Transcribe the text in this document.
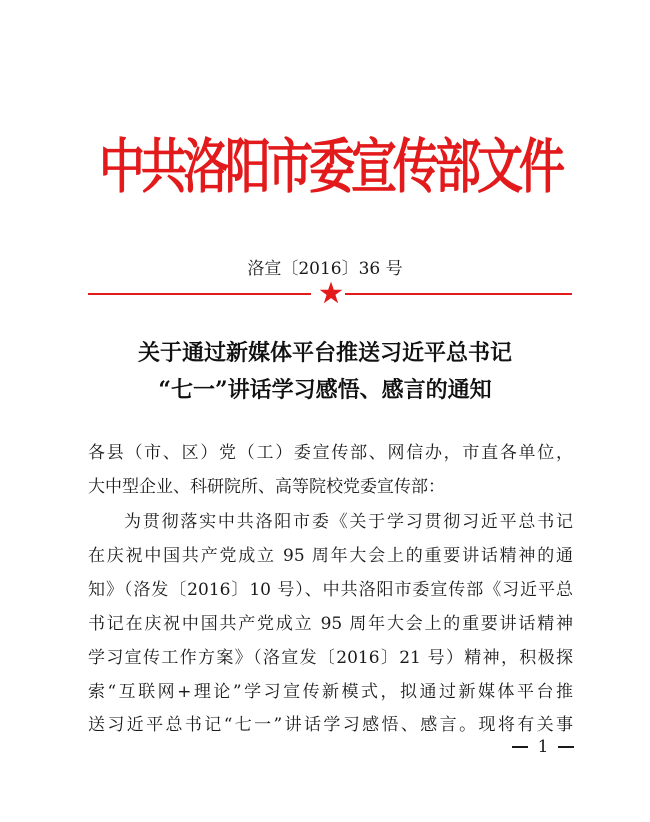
中共洛阳市委宣传部文件
洛宣〔2016〕36 号
关于通过新媒体平台推送习近平总书记
“七一”讲话学习感悟、感言的通知
各县（市、区）党（工）委宣传部、网信办，市直各单位，
大中型企业、科研院所、高等院校党委宣传部：
为贯彻落实中共洛阳市委《关于学习贯彻习近平总书记
在庆祝中国共产党成立 95 周年大会上的重要讲话精神的通
知》（洛发〔2016〕10 号）、中共洛阳市委宣传部《习近平总
书记在庆祝中国共产党成立 95 周年大会上的重要讲话精神
学习宣传工作方案》（洛宣发〔2016〕21 号）精神，积极探
索“互联网+理论”学习宣传新模式，拟通过新媒体平台推
送习近平总书记“七一”讲话学习感悟、感言。现将有关事
1
